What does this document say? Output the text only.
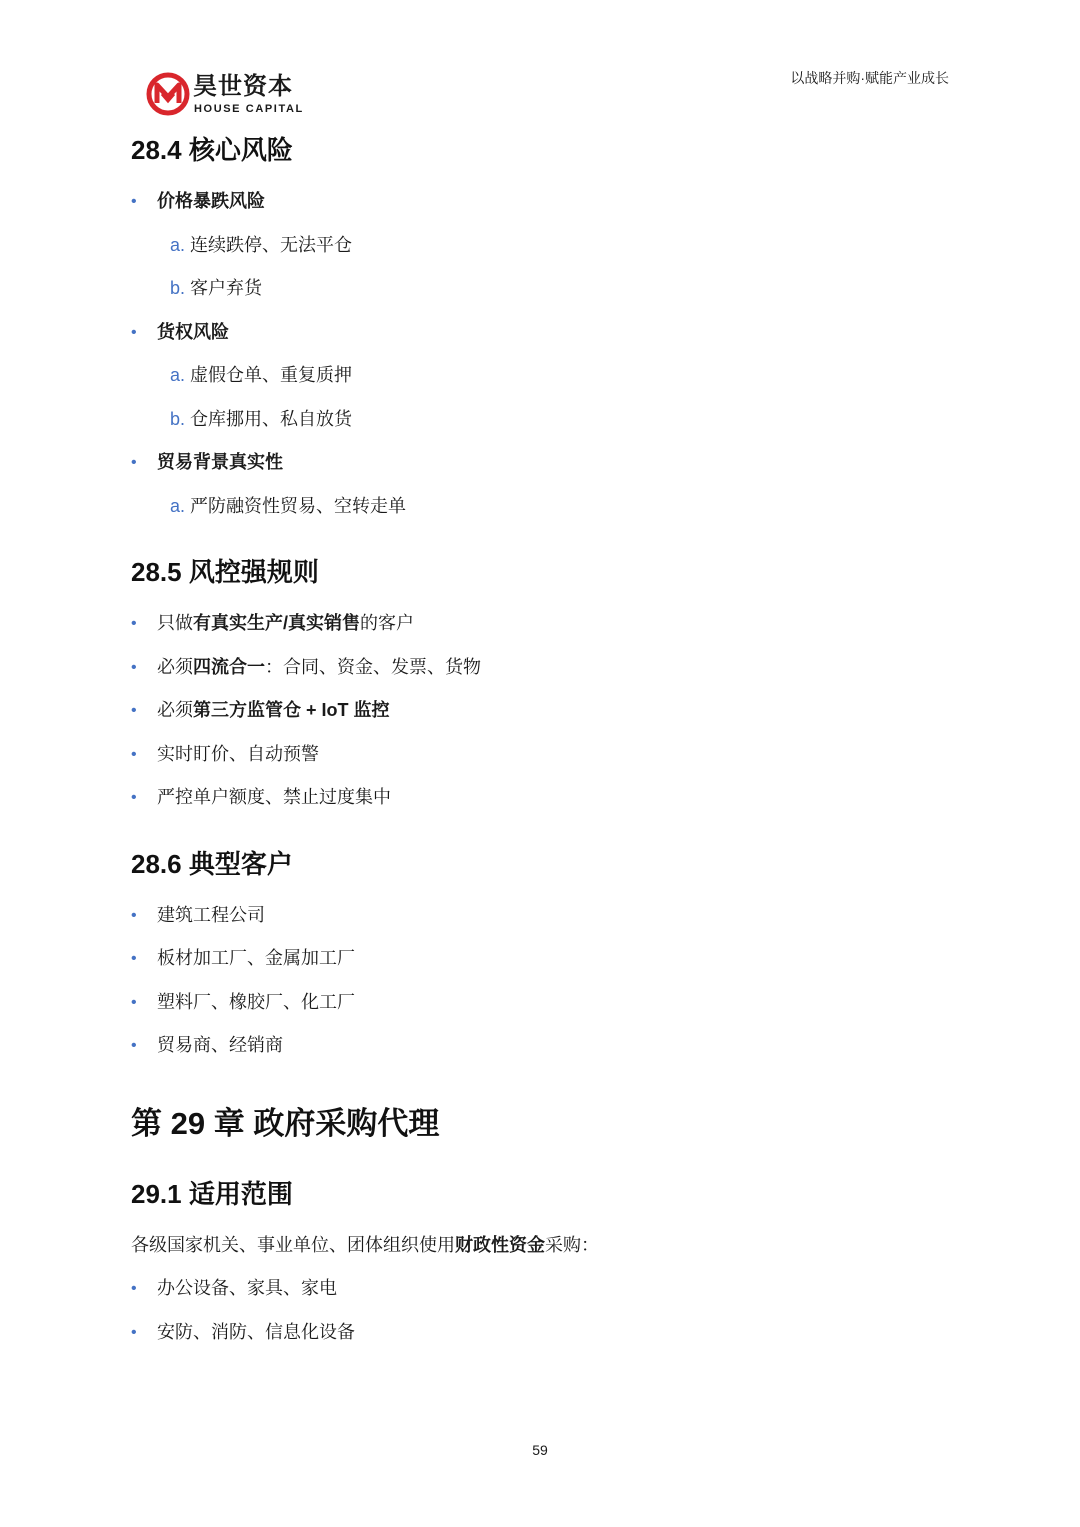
昊世资本
HOUSE CAPITAL
以战略并购·赋能产业成长
28.4 核心风险
• 价格暴跌风险
a. 连续跌停、无法平仓
b. 客户弃货
• 货权风险
a. 虚假仓单、重复质押
b. 仓库挪用、私自放货
• 贸易背景真实性
a. 严防融资性贸易、空转走单
28.5 风控强规则
• 只做有真实生产/真实销售的客户
• 必须四流合一：合同、资金、发票、货物
• 必须第三方监管仓 + IoT 监控
• 实时盯价、自动预警
• 严控单户额度、禁止过度集中
28.6 典型客户
• 建筑工程公司
• 板材加工厂、金属加工厂
• 塑料厂、橡胶厂、化工厂
• 贸易商、经销商
第 29 章 政府采购代理
29.1 适用范围
各级国家机关、事业单位、团体组织使用财政性资金采购：
• 办公设备、家具、家电
• 安防、消防、信息化设备
59
